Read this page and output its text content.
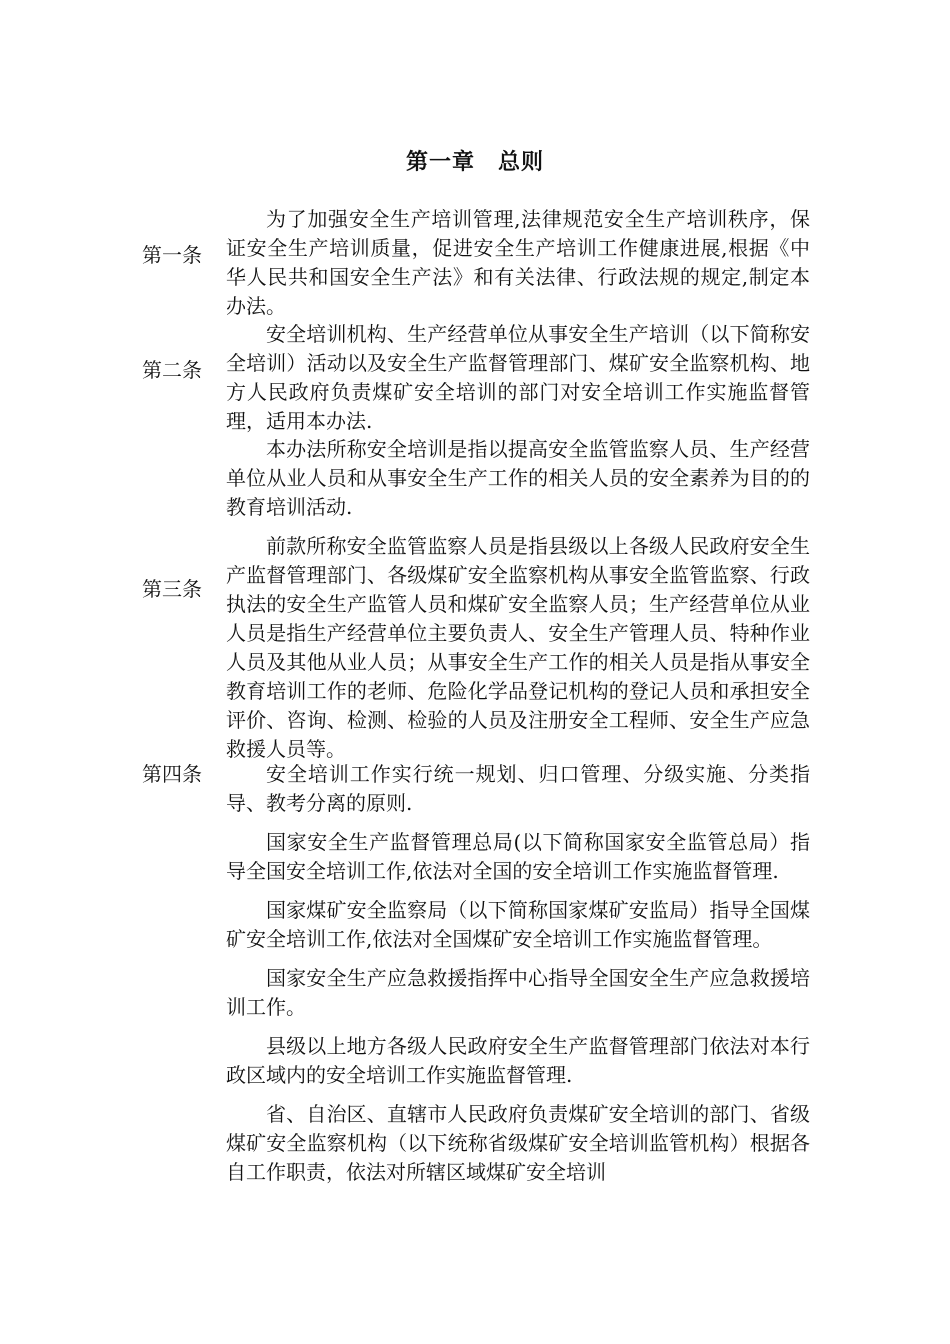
第一章　总则
第一条

为了加强安全生产培训管理,法律规范安全生产培训秩序，保证安全生产培训质量，促进安全生产培训工作健康进展,根据《中华人民共和国安全生产法》和有关法律、行政法规的规定,制定本办法。

第二条

安全培训机构、生产经营单位从事安全生产培训（以下简称安全培训）活动以及安全生产监督管理部门、煤矿安全监察机构、地方人民政府负责煤矿安全培训的部门对安全培训工作实施监督管理，适用本办法.

第三条

本办法所称安全培训是指以提高安全监管监察人员、生产经营单位从业人员和从事安全生产工作的相关人员的安全素养为目的的教育培训活动.

前款所称安全监管监察人员是指县级以上各级人民政府安全生产监督管理部门、各级煤矿安全监察机构从事安全监管监察、行政执法的安全生产监管人员和煤矿安全监察人员；生产经营单位从业人员是指生产经营单位主要负责人、安全生产管理人员、特种作业人员及其他从业人员；从事安全生产工作的相关人员是指从事安全教育培训工作的老师、危险化学品登记机构的登记人员和承担安全评价、咨询、检测、检验的人员及注册安全工程师、安全生产应急救援人员等。

第四条	安全培训工作实行统一规划、归口管理、分级实施、分类指导、教考分离的原则.

国家安全生产监督管理总局(以下简称国家安全监管总局）指导全国安全培训工作,依法对全国的安全培训工作实施监督管理.

国家煤矿安全监察局（以下简称国家煤矿安监局）指导全国煤矿安全培训工作,依法对全国煤矿安全培训工作实施监督管理。

国家安全生产应急救援指挥中心指导全国安全生产应急救援培训工作。

县级以上地方各级人民政府安全生产监督管理部门依法对本行政区域内的安全培训工作实施监督管理.

省、自治区、直辖市人民政府负责煤矿安全培训的部门、省级煤矿安全监察机构（以下统称省级煤矿安全培训监管机构）根据各自工作职责，依法对所辖区域煤矿安全培训
